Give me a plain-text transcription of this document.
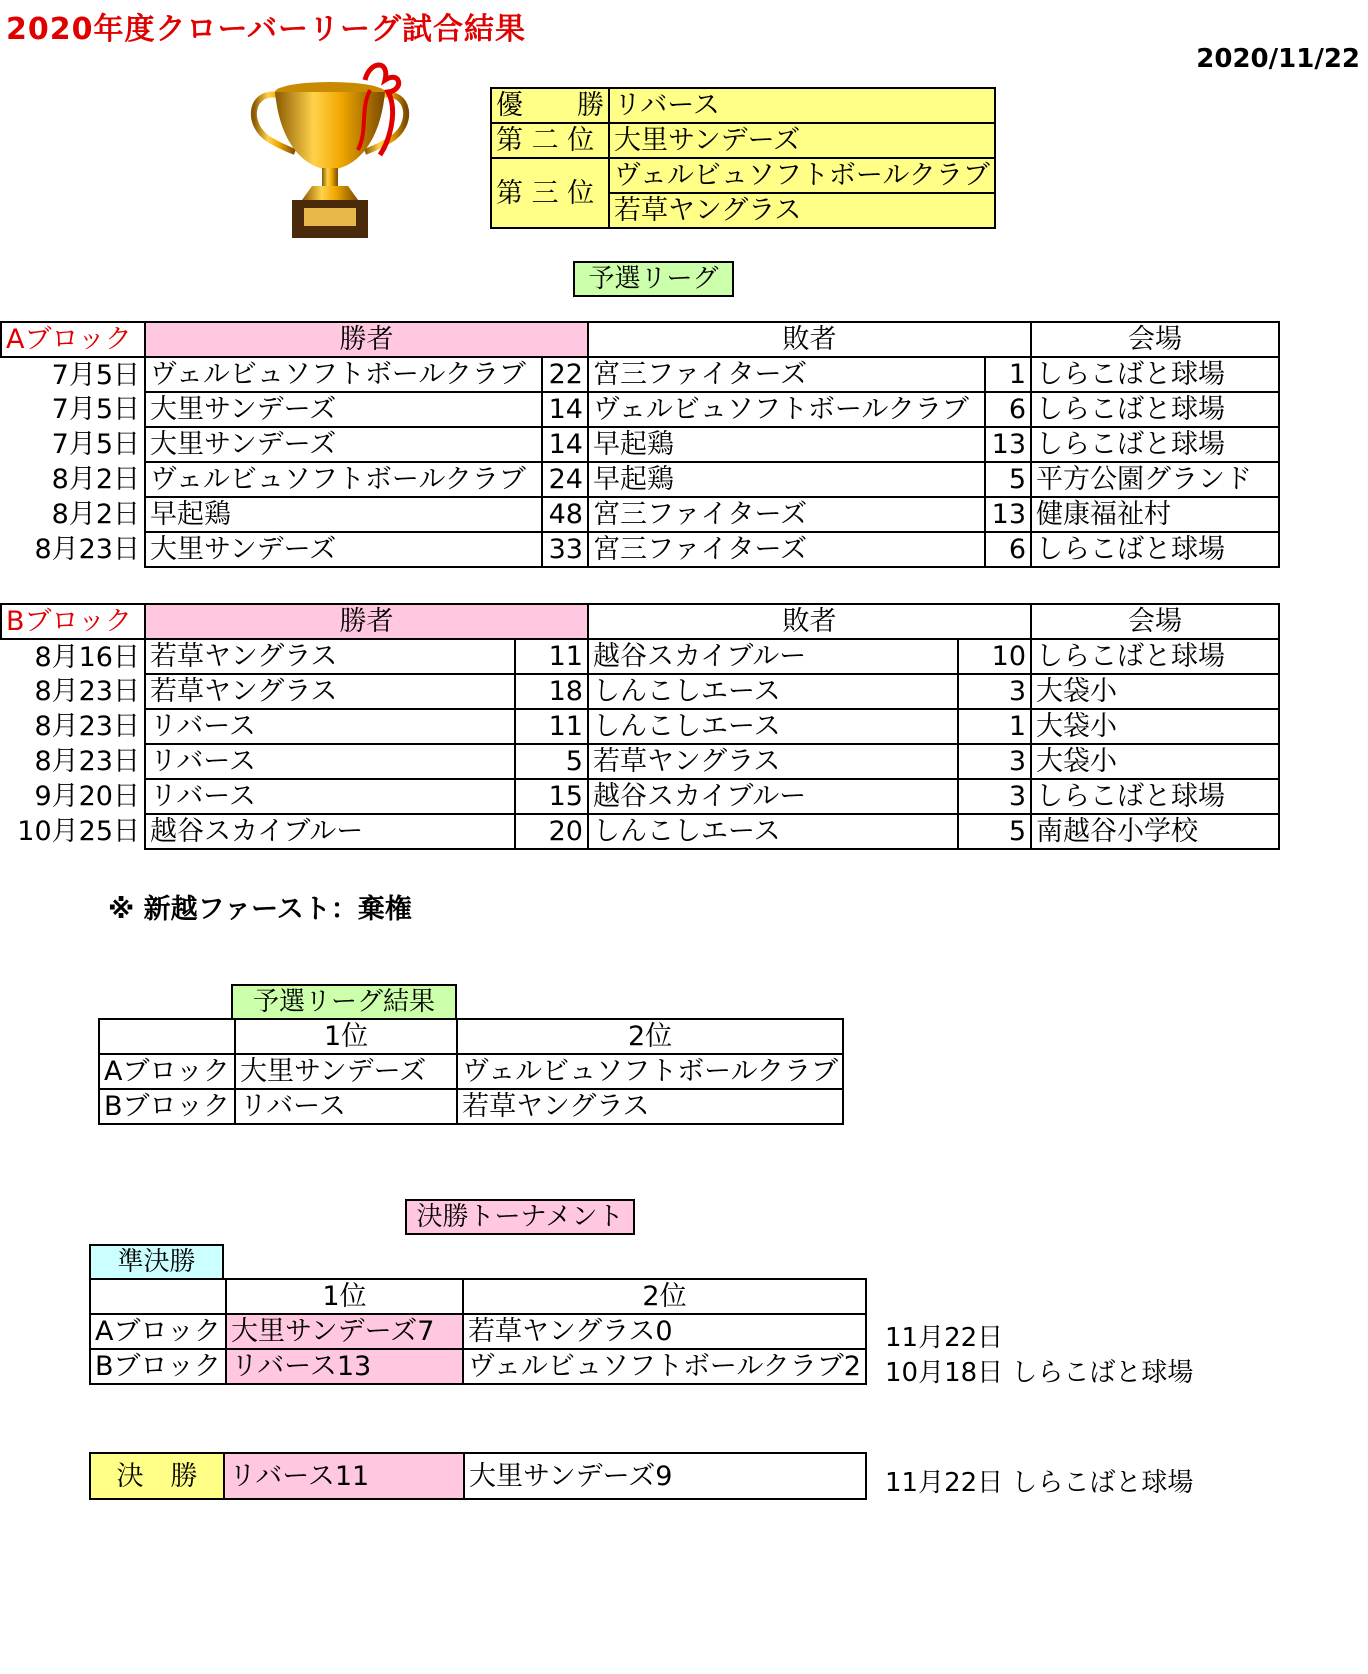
2020年度クローバーリーグ試合結果
2020/11/22
優　　勝	リバース
第 二 位	大里サンデーズ
第 三 位	ヴェルビュソフトボールクラブ
	若草ヤングラス
予選リーグ
Aブロック	勝者		敗者		会場
7月5日	ヴェルビュソフトボールクラブ	22	宮三ファイターズ	1	しらこばと球場
7月5日	大里サンデーズ	14	ヴェルビュソフトボールクラブ	6	しらこばと球場
7月5日	大里サンデーズ	14	早起鶏	13	しらこばと球場
8月2日	ヴェルビュソフトボールクラブ	24	早起鶏	5	平方公園グランド
8月2日	早起鶏	48	宮三ファイターズ	13	健康福祉村
8月23日	大里サンデーズ	33	宮三ファイターズ	6	しらこばと球場
Bブロック	勝者		敗者		会場
8月16日	若草ヤングラス	11	越谷スカイブルー	10	しらこばと球場
8月23日	若草ヤングラス	18	しんこしエース	3	大袋小
8月23日	リバース	11	しんこしエース	1	大袋小
8月23日	リバース	5	若草ヤングラス	3	大袋小
9月20日	リバース	15	越谷スカイブルー	3	しらこばと球場
10月25日	越谷スカイブルー	20	しんこしエース	5	南越谷小学校
※ 新越ファースト：棄権
予選リーグ結果
	1位	2位
Aブロック	大里サンデーズ	ヴェルビュソフトボールクラブ
Bブロック	リバース	若草ヤングラス
決勝トーナメント
準決勝
	1位	2位
Aブロック	大里サンデーズ7	若草ヤングラス0
Bブロック	リバース13	ヴェルビュソフトボールクラブ2
11月22日
10月18日 しらこばと球場
決　勝	リバース11	大里サンデーズ9	11月22日 しらこばと球場
